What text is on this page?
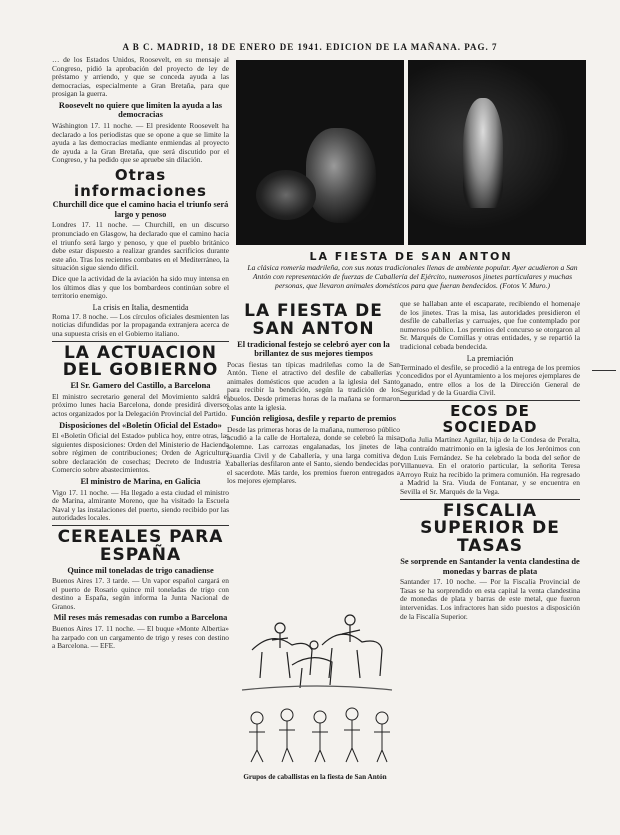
A B C. MADRID, 18 DE ENERO DE 1941. EDICION DE LA MAÑANA. PAG. 7

… de los Estados Unidos, Roosevelt, en su mensaje al Congreso, pidió la aprobación del proyecto de ley de préstamo y arriendo, y que se conceda ayuda a las democracias, especialmente a Gran Bretaña, para que prosigan la guerra.

Roosevelt no quiere que limiten la ayuda a las democracias

Wáshington 17. 11 noche. — El presidente Roosevelt ha declarado a los periodistas que se opone a que se limite la ayuda a las democracias mediante enmiendas al proyecto de ayuda a la Gran Bretaña, que será discutido por el Congreso, y ha pedido que se apruebe sin dilación.

Otras informaciones
Churchill dice que el camino hacia el triunfo será largo y penoso

Londres 17. 11 noche. — Churchill, en un discurso pronunciado en Glasgow, ha declarado que el camino hacia el triunfo será largo y penoso, y que el pueblo británico debe estar dispuesto a realizar grandes sacrificios durante este año. Tras los recientes combates en el Mediterráneo, la situación sigue siendo difícil.

Dice que la actividad de la aviación ha sido muy intensa en los últimos días y que los bombardeos continúan sobre el territorio enemigo.

La crisis en Italia, desmentida

Roma 17. 8 noche. — Los círculos oficiales desmienten las noticias difundidas por la propaganda extranjera acerca de una supuesta crisis en el Gobierno italiano.

LA ACTUACION DEL GOBIERNO
El Sr. Gamero del Castillo, a Barcelona

El ministro secretario general del Movimiento saldrá el próximo lunes hacia Barcelona, donde presidirá diversos actos organizados por la Delegación Provincial del Partido.

Disposiciones del «Boletín Oficial del Estado»

El «Boletín Oficial del Estado» publica hoy, entre otras, las siguientes disposiciones: Orden del Ministerio de Hacienda sobre régimen de contribuciones; Orden de Agricultura sobre declaración de cosechas; Decreto de Industria y Comercio sobre abastecimientos.

El ministro de Marina, en Galicia

Vigo 17. 11 noche. — Ha llegado a esta ciudad el ministro de Marina, almirante Moreno, que ha visitado la Escuela Naval y las instalaciones del puerto, siendo recibido por las autoridades locales.

CEREALES PARA ESPAÑA
Quince mil toneladas de trigo canadiense

Buenos Aires 17. 3 tarde. — Un vapor español cargará en el puerto de Rosario quince mil toneladas de trigo con destino a España, según informa la Junta Nacional de Granos.

Mil reses más remesadas con rumbo a Barcelona

Buenos Aires 17. 11 noche. — El buque «Monte Albertia» ha zarpado con un cargamento de trigo y reses con destino a Barcelona. — EFE.

LA FIESTA DE SAN ANTON
La clásica romería madrileña, con sus notas tradicionales llenas de ambiente popular. Ayer acudieron a San Antón con representación de fuerzas de Caballería del Ejército, numerosos jinetes particulares y muchas personas, que llevaron animales domésticos para que fueran bendecidos. (Fotos V. Muro.)
LA FIESTA DE SAN ANTON
El tradicional festejo se celebró ayer con la brillantez de sus mejores tiempos

Pocas fiestas tan típicas madrileñas como la de San Antón. Tiene el atractivo del desfile de caballerías y animales domésticos que acuden a la iglesia del Santo para recibir la bendición, según la tradición de los abuelos. Desde primeras horas de la mañana se formaron colas ante la iglesia.

Función religiosa, desfile y reparto de premios

Desde las primeras horas de la mañana, numeroso público acudió a la calle de Hortaleza, donde se celebró la misa solemne. Las carrozas engalanadas, los jinetes de la Guardia Civil y de Caballería, y una larga comitiva de caballerías desfilaron ante el Santo, siendo bendecidas por el sacerdote. Más tarde, los premios fueron entregados a los mejores ejemplares.

Grupos de caballistas en la fiesta de San Antón

que se hallaban ante el escaparate, recibiendo el homenaje de los jinetes. Tras la misa, las autoridades presidieron el desfile de caballerías y carruajes, que fue contemplado por numeroso público. Los premios del concurso se otorgaron al Sr. Marqués de Comillas y otras entidades, y se repartió la tradicional cebada bendecida.

La premiación

Terminado el desfile, se procedió a la entrega de los premios concedidos por el Ayuntamiento a los mejores ejemplares de ganado, entre ellos a los de la Dirección General de Seguridad y de la Guardia Civil.

ECOS DE SOCIEDAD

Doña Julia Martínez Aguilar, hija de la Condesa de Peralta, ha contraído matrimonio en la iglesia de los Jerónimos con don Luis Fernández. Se ha celebrado la boda del señor de Villanueva. En el oratorio particular, la señorita Teresa Arroyo Ruiz ha recibido la primera comunión. Ha regresado a Madrid la Sra. Viuda de Fontanar, y se encuentra en Sevilla el Sr. Marqués de la Vega.

FISCALIA SUPERIOR DE TASAS
Se sorprende en Santander la venta clandestina de monedas y barras de plata

Santander 17. 10 noche. — Por la Fiscalía Provincial de Tasas se ha sorprendido en esta capital la venta clandestina de monedas de plata y barras de este metal, que fueron intervenidas. Los infractores han sido puestos a disposición de la Fiscalía Superior.
